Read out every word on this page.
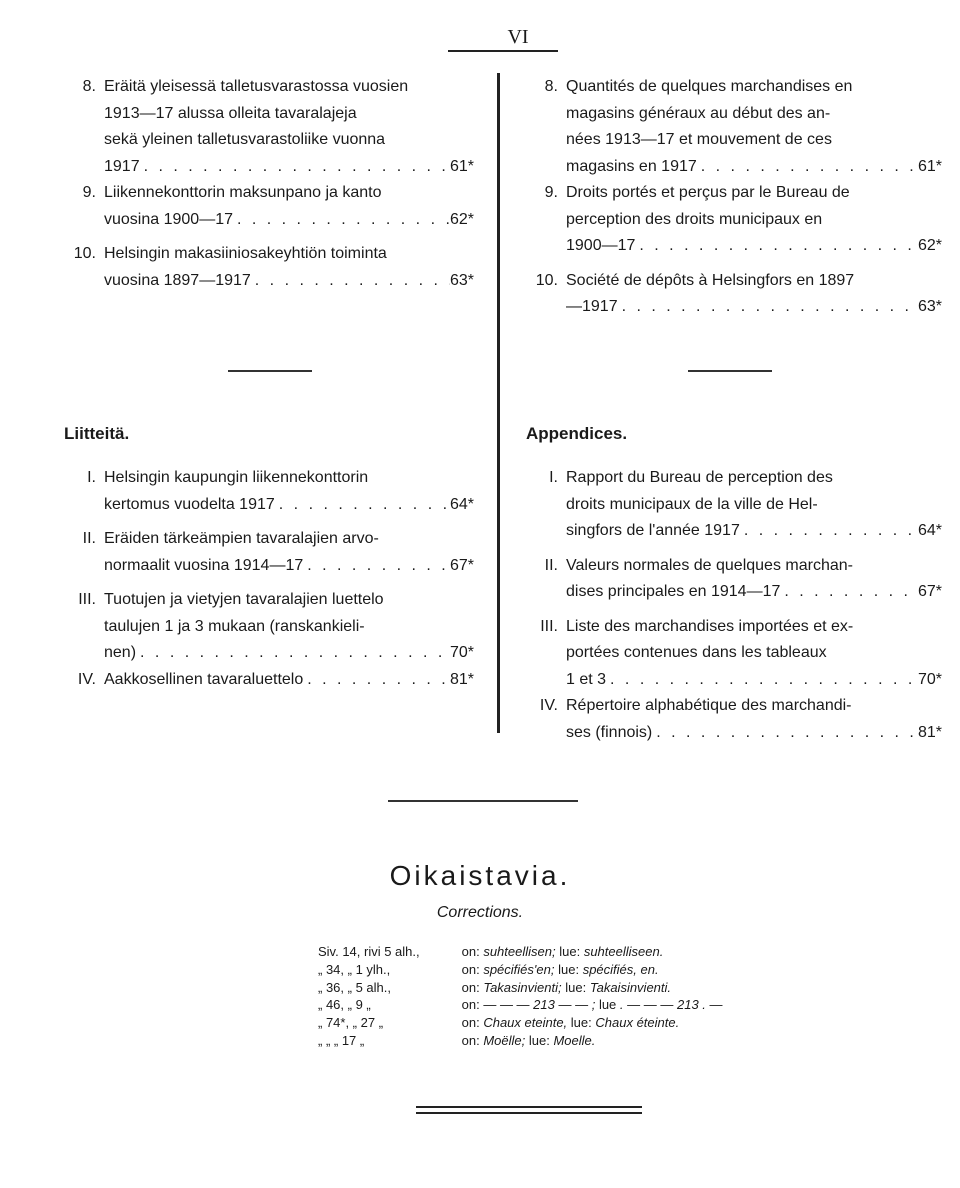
VI
8. Eräitä yleisessä talletusvarastossa vuosien
1913—17 alussa olleita tavaralajeja
sekä yleinen talletusvarastoliike vuonna
1917 . . .	61*
9. Liikennekonttorin maksunpano ja kanto
vuosina 1900—17 . . .	62*
10. Helsingin makasiiniosakeyhtiön toiminta
vuosina 1897—1917 . . .	63*
8. Quantités de quelques marchandises en
magasins généraux au début des an-
nées 1913—17 et mouvement de ces
magasins en 1917 . . .	61*
9. Droits portés et perçus par le Bureau de
perception des droits municipaux en
1900—17 . . .	62*
10. Société de dépôts à Helsingfors en 1897
—1917 . . .	63*
Liitteitä.	Appendices.
I. Helsingin kaupungin liikennekonttorin
kertomus vuodelta 1917 . . .	64*
II. Eräiden tärkeämpien tavaralajien arvo-
normaalit vuosina 1914—17 . . .	67*
III. Tuotujen ja vietyjen tavaralajien luettelo
taulujen 1 ja 3 mukaan (ranskankieli-
nen) . . .	70*
IV. Aakkosellinen tavaraluettelo . . .	81*
I. Rapport du Bureau de perception des
droits municipaux de la ville de Hel-
singfors de l'année 1917 . . .	64*
II. Valeurs normales de quelques marchan-
dises principales en 1914—17 . . .	67*
III. Liste des marchandises importées et ex-
portées contenues dans les tableaux
1 et 3 . . .	70*
IV. Répertoire alphabétique des marchandi-
ses (finnois) . . .	81*
Oikaistavia.
Corrections.
Siv. 14, rivi 5 alh.,	on: suhteellisen; lue: suhteelliseen.
„ 34, „ 1 ylh.,	on: spécifiés'en; lue: spécifiés, en.
„ 36, „ 5 alh.,	on: Takasinvienti; lue: Takaisinvienti.
„ 46, „ 9 „	on: — — — 213 — — ; lue . — — — 213 . —
„ 74*, „ 27 „	on: Chaux eteinte, lue: Chaux éteinte.
„ „ „ 17 „	on: Moëlle; lue: Moelle.
